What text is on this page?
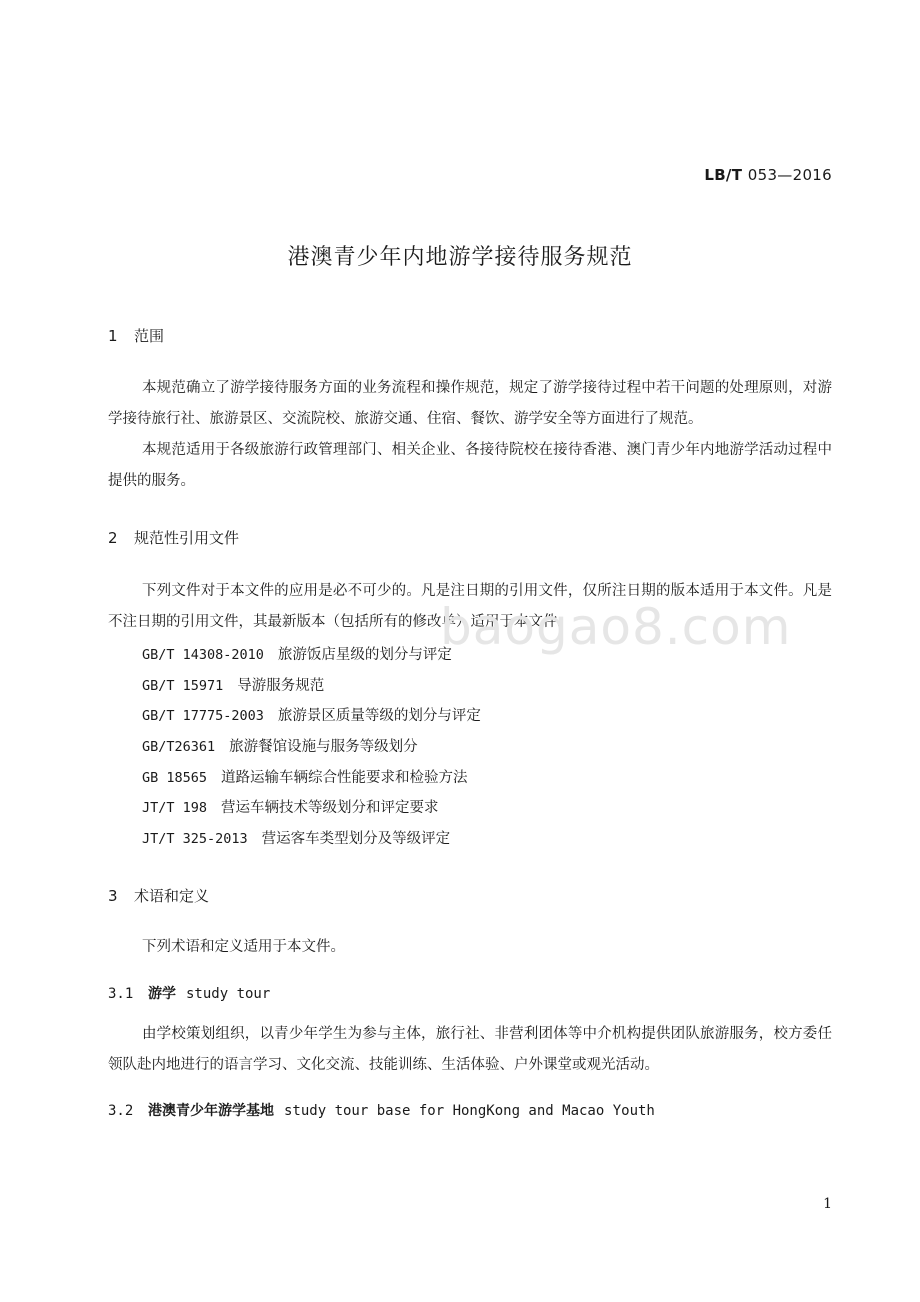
LB/T 053—2016
港澳青少年内地游学接待服务规范
1 范围

本规范确立了游学接待服务方面的业务流程和操作规范，规定了游学接待过程中若干问题的处理原则，对游学接待旅行社、旅游景区、交流院校、旅游交通、住宿、餐饮、游学安全等方面进行了规范。

本规范适用于各级旅游行政管理部门、相关企业、各接待院校在接待香港、澳门青少年内地游学活动过程中提供的服务。

2 规范性引用文件

下列文件对于本文件的应用是必不可少的。凡是注日期的引用文件，仅所注日期的版本适用于本文件。凡是不注日期的引用文件，其最新版本（包括所有的修改单）适用于本文件。

GB/T 14308-2010 旅游饭店星级的划分与评定
GB/T 15971 导游服务规范
GB/T 17775-2003 旅游景区质量等级的划分与评定
GB/T26361 旅游餐馆设施与服务等级划分
GB 18565 道路运输车辆综合性能要求和检验方法
JT/T 198 营运车辆技术等级划分和评定要求
JT/T 325-2013 营运客车类型划分及等级评定
3 术语和定义

下列术语和定义适用于本文件。

3.1 游学 study tour

由学校策划组织，以青少年学生为参与主体，旅行社、非营利团体等中介机构提供团队旅游服务，校方委任领队赴内地进行的语言学习、文化交流、技能训练、生活体验、户外课堂或观光活动。

3.2 港澳青少年游学基地 study tour base for HongKong and Macao Youth
baogao8.com
1
